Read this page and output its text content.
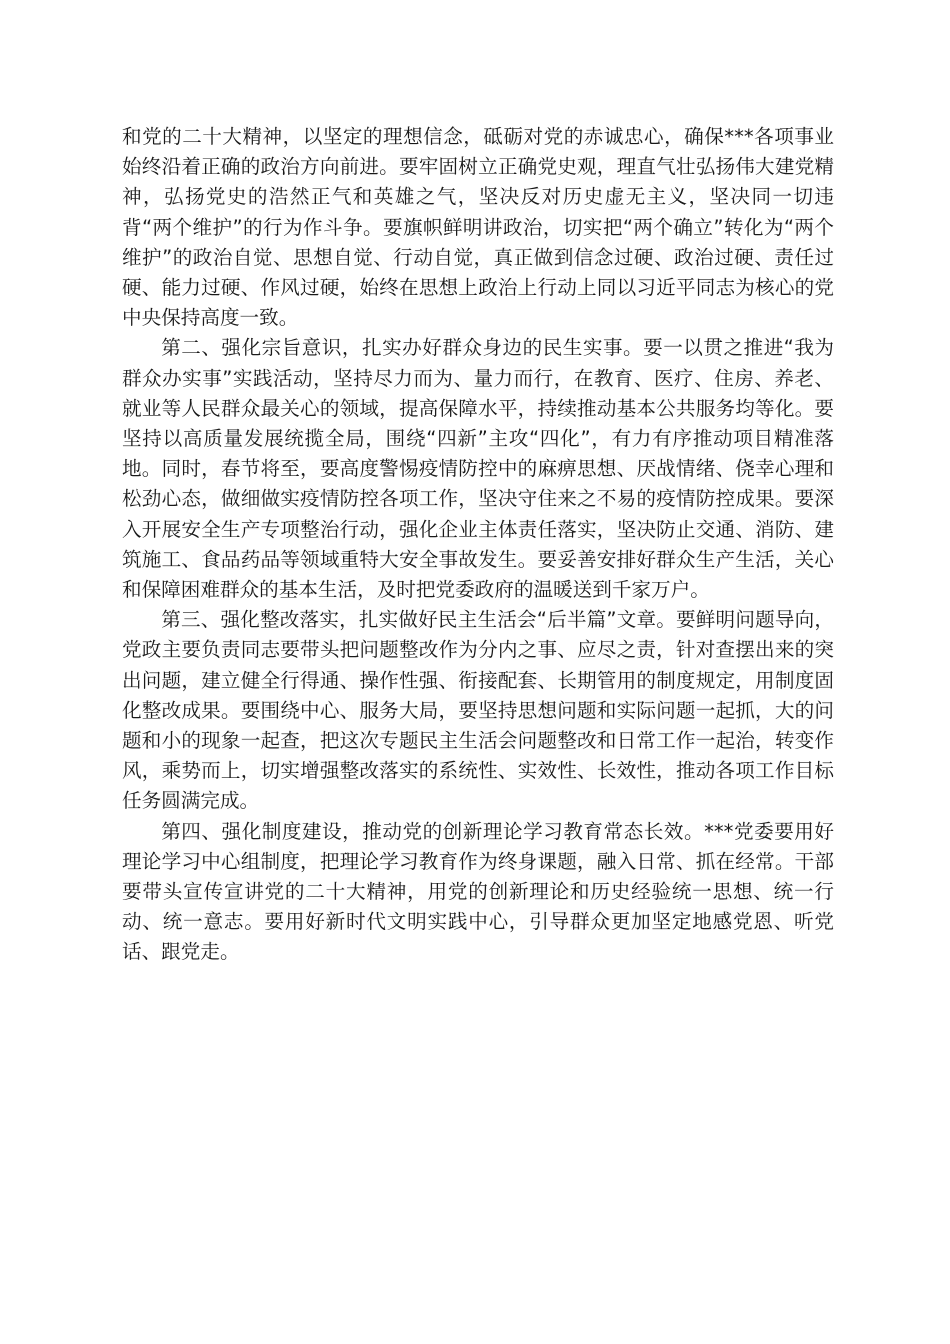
和党的二十大精神，以坚定的理想信念，砥砺对党的赤诚忠心，确保***各项事业始终沿着正确的政治方向前进。要牢固树立正确党史观，理直气壮弘扬伟大建党精神，弘扬党史的浩然正气和英雄之气，坚决反对历史虚无主义，坚决同一切违背“两个维护”的行为作斗争。要旗帜鲜明讲政治，切实把“两个确立”转化为“两个维护”的政治自觉、思想自觉、行动自觉，真正做到信念过硬、政治过硬、责任过硬、能力过硬、作风过硬，始终在思想上政治上行动上同以习近平同志为核心的党中央保持高度一致。

第二、强化宗旨意识，扎实办好群众身边的民生实事。要一以贯之推进“我为群众办实事”实践活动，坚持尽力而为、量力而行，在教育、医疗、住房、养老、就业等人民群众最关心的领域，提高保障水平，持续推动基本公共服务均等化。要坚持以高质量发展统揽全局，围绕“四新”主攻“四化”，有力有序推动项目精准落地。同时，春节将至，要高度警惕疫情防控中的麻痹思想、厌战情绪、侥幸心理和松劲心态，做细做实疫情防控各项工作，坚决守住来之不易的疫情防控成果。要深入开展安全生产专项整治行动，强化企业主体责任落实，坚决防止交通、消防、建筑施工、食品药品等领域重特大安全事故发生。要妥善安排好群众生产生活，关心和保障困难群众的基本生活，及时把党委政府的温暖送到千家万户。

第三、强化整改落实，扎实做好民主生活会“后半篇”文章。要鲜明问题导向，党政主要负责同志要带头把问题整改作为分内之事、应尽之责，针对查摆出来的突出问题，建立健全行得通、操作性强、衔接配套、长期管用的制度规定，用制度固化整改成果。要围绕中心、服务大局，要坚持思想问题和实际问题一起抓，大的问题和小的现象一起查，把这次专题民主生活会问题整改和日常工作一起治，转变作风，乘势而上，切实增强整改落实的系统性、实效性、长效性，推动各项工作目标任务圆满完成。

第四、强化制度建设，推动党的创新理论学习教育常态长效。***党委要用好理论学习中心组制度，把理论学习教育作为终身课题，融入日常、抓在经常。干部要带头宣传宣讲党的二十大精神，用党的创新理论和历史经验统一思想、统一行动、统一意志。要用好新时代文明实践中心，引导群众更加坚定地感党恩、听党话、跟党走。
